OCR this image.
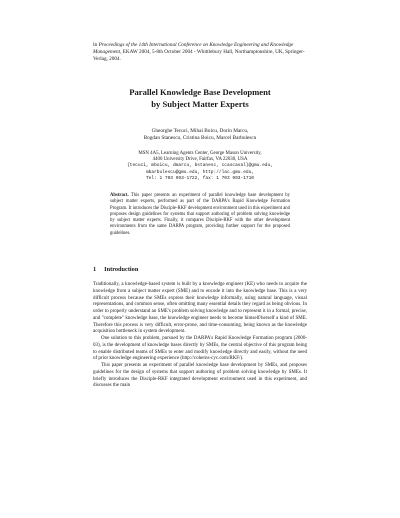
In Proceedings of the 14th International Conference on Knowledge Engineering and Knowledge Management, EKAW 2004, 5-8th October 2004 - Whittlebury Hall, Northamptonshire, UK, Springer-Verlag, 2004.
Parallel Knowledge Base Development
by Subject Matter Experts
Gheorghe Tecuci, Mihai Boicu, Dorin Marcu,
Bogdan Stanescu, Cristina Boicu, Marcel Barbulescu
MSN 4A5, Learning Agents Center, George Mason University,
4400 University Drive, Fairfax, VA 22030, USA
{tecuci, mboicu, dmarcu, bstanesc, ccascaval}@gmu.edu,
mbarbulescu@gmu.edu, http://lac.gmu.edu,
Tel: 1 703 993-1722, fax: 1 703 993-1710
Abstract. This paper presents an experiment of parallel knowledge base development by subject matter experts, performed as part of the DARPA's Rapid Knowledge Formation Program. It introduces the Disciple-RKF development environment used in this experiment and proposes design guidelines for systems that support authoring of problem solving knowledge by subject matter experts. Finally, it compares Disciple-RKF with the other development environments from the same DARPA program, providing further support for the proposed guidelines.
1 Introduction

Traditionally, a knowledge-based system is built by a knowledge engineer (KE) who needs to acquire the knowledge from a subject matter expert (SME) and to encode it into the knowledge base. This is a very difficult process because the SMEs express their knowledge informally, using natural language, visual representations, and common sense, often omitting many essential details they regard as being obvious. In order to properly understand an SME's problem solving knowledge and to represent it in a formal, precise, and "complete" knowledge base, the knowledge engineer needs to become himself/herself a kind of SME. Therefore this process is very difficult, error-prone, and time-consuming, being known as the knowledge acquisition bottleneck in system development.

One solution to this problem, pursued by the DARPA's Rapid Knowledge Formation program (2000-03), is the development of knowledge bases directly by SMEs, the central objective of this program being to enable distributed teams of SMEs to enter and modify knowledge directly and easily, without the need of prior knowledge engineering experience (http://coherns-cyc.com/RKF/).

This paper presents an experiment of parallel knowledge base development by SMEs, and proposes guidelines for the design of systems that support authoring of problem solving knowledge by SMEs. It briefly introduces the Disciple-RKF integrated development environment used in this experiment, and discusses the main
